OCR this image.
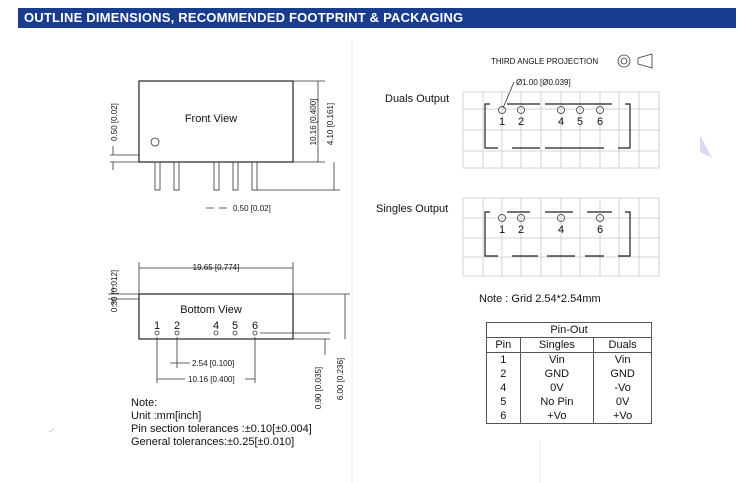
OUTLINE DIMENSIONS, RECOMMENDED FOOTPRINT & PACKAGING
Front View
0.50 [0.02]	10.16 [0.400] 4.10 [0.161]
0.50 [0.02]
Bottom View
19.65 [0.774]
0.30 [0.012]
1 2	4 5 6
2.54 [0.100]
10.16 [0.400]	0.90 [0.035] 6.00 [0.236]
THIRD ANGLE PROJECTION
Duals Output
Ø1.00 [Ø0.039]
1 2	4 5 6
Singles Output
1 2	4	6
Note : Grid 2.54*2.54mm
Pin-Out		
Pin	Singles	Duals
1	Vin	Vin
2	GND	GND
4	0V	-Vo
5	No Pin	0V
6	+Vo	+Vo
Note:
Unit :mm[inch]
Pin section tolerances :±0.10[±0.004]
General tolerances:±0.25[±0.010]
